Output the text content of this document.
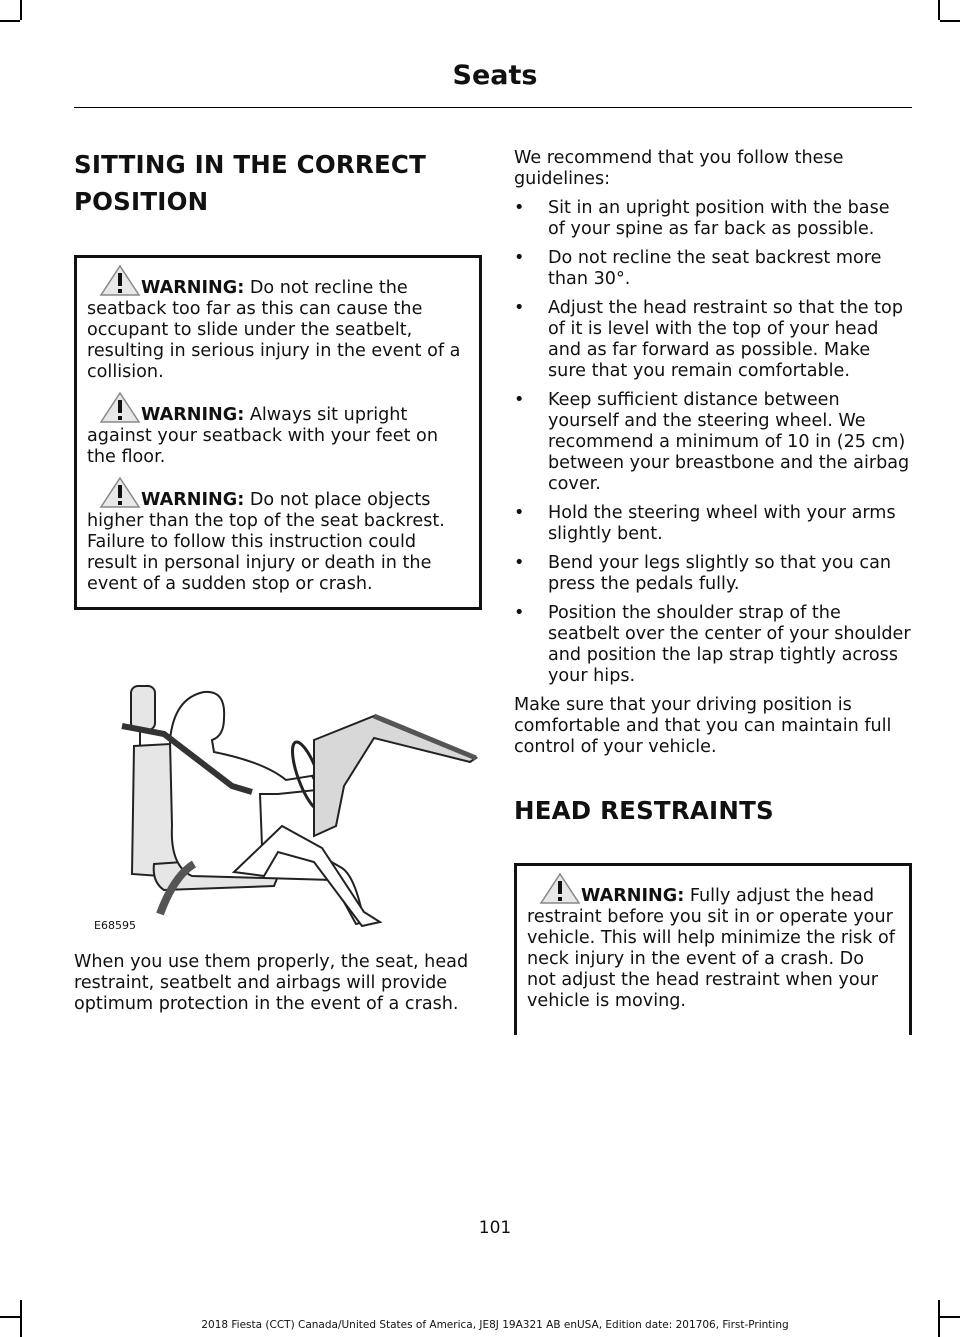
Seats
SITTING IN THE CORRECT
POSITION
WARNING: Do not recline the seatback too far as this can cause the occupant to slide under the seatbelt, resulting in serious injury in the event of a collision.
WARNING: Always sit upright against your seatback with your feet on the floor.
WARNING: Do not place objects higher than the top of the seat backrest. Failure to follow this instruction could result in personal injury or death in the event of a sudden stop or crash.
E68595

When you use them properly, the seat, head restraint, seatbelt and airbags will provide optimum protection in the event of a crash.

We recommend that you follow these guidelines:

• Sit in an upright position with the base of your spine as far back as possible.
• Do not recline the seat backrest more than 30°.
• Adjust the head restraint so that the top of it is level with the top of your head and as far forward as possible. Make sure that you remain comfortable.
• Keep sufficient distance between yourself and the steering wheel. We recommend a minimum of 10 in (25 cm) between your breastbone and the airbag cover.
• Hold the steering wheel with your arms slightly bent.
• Bend your legs slightly so that you can press the pedals fully.
• Position the shoulder strap of the seatbelt over the center of your shoulder and position the lap strap tightly across your hips.

Make sure that your driving position is comfortable and that you can maintain full control of your vehicle.

HEAD RESTRAINTS
WARNING: Fully adjust the head restraint before you sit in or operate your vehicle. This will help minimize the risk of neck injury in the event of a crash. Do not adjust the head restraint when your vehicle is moving.
101
2018 Fiesta (CCT) Canada/United States of America, JE8J 19A321 AB enUSA, Edition date: 201706, First-Printing
